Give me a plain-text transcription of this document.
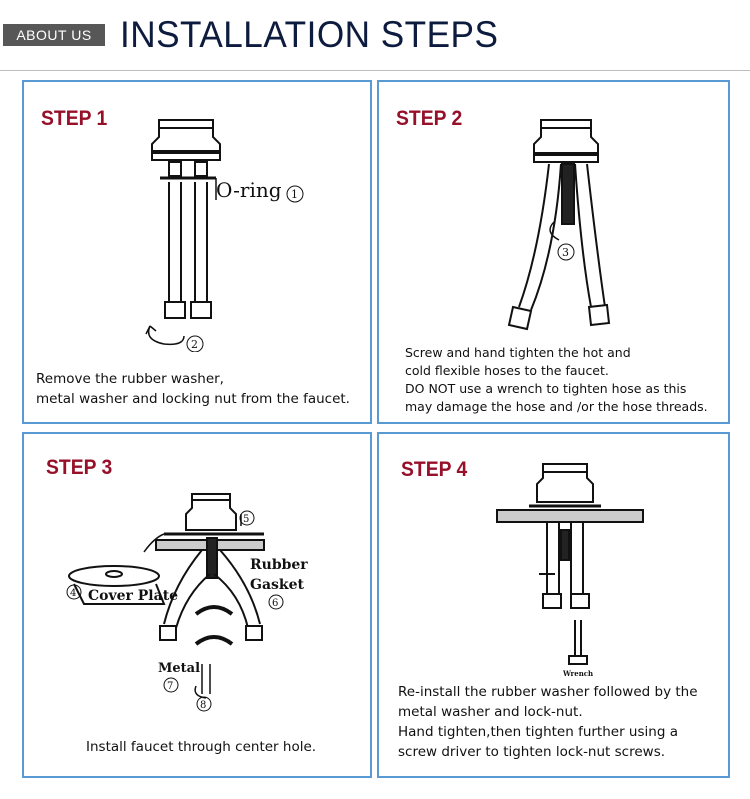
ABOUT US INSTALLATION STEPS
STEP 1
O-ring 1
2
Remove the rubber washer,
metal washer and locking nut from the faucet.
STEP 2
3
Screw and hand tighten the hot and
cold flexible hoses to the faucet.
DO NOT use a wrench to tighten hose as this
may damage the hose and /or the hose threads.
STEP 3
Cover Plate
Rubber
Gasket
Metal
4
5
6
7
8
Install faucet through center hole.
STEP 4
Wrench
Re-install the rubber washer followed by the
metal washer and lock-nut.
Hand tighten,then tighten further using a
screw driver to tighten lock-nut screws.
